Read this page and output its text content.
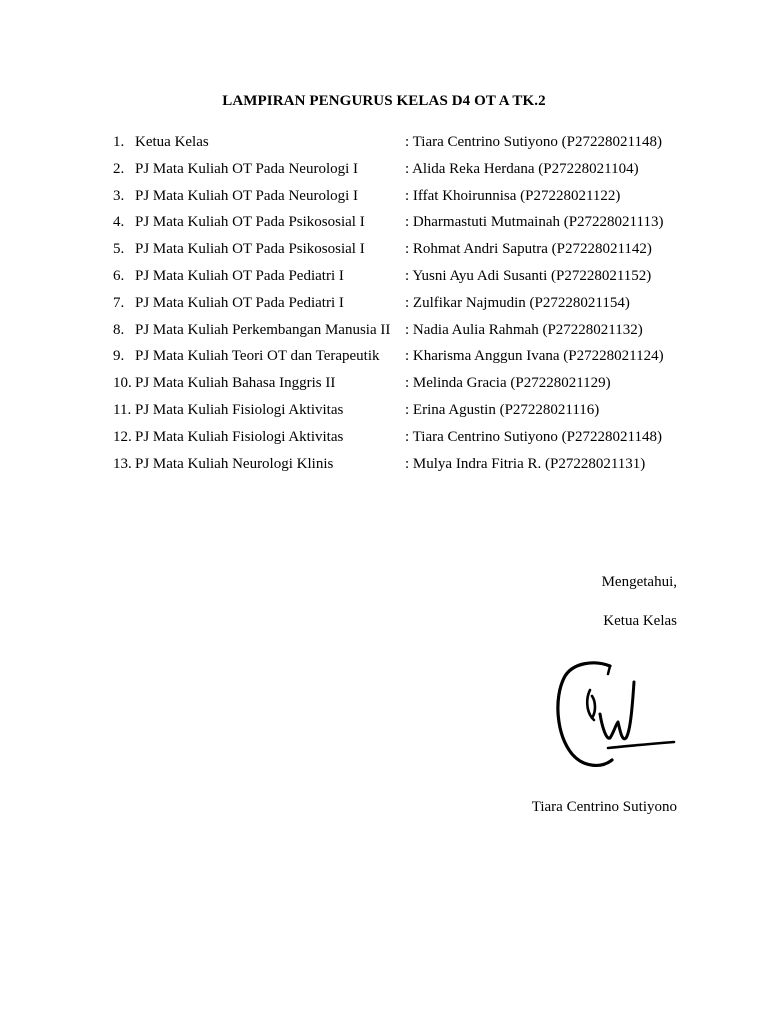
LAMPIRAN PENGURUS KELAS D4 OT A TK.2
1. Ketua Kelas	: Tiara Centrino Sutiyono (P27228021148)
2. PJ Mata Kuliah OT Pada Neurologi I	: Alida Reka Herdana (P27228021104)
3. PJ Mata Kuliah OT Pada Neurologi I	: Iffat Khoirunnisa (P27228021122)
4. PJ Mata Kuliah OT Pada Psikososial I	: Dharmastuti Mutmainah (P27228021113)
5. PJ Mata Kuliah OT Pada Psikososial I	: Rohmat Andri Saputra (P27228021142)
6. PJ Mata Kuliah OT Pada Pediatri I	: Yusni Ayu Adi Susanti (P27228021152)
7. PJ Mata Kuliah OT Pada Pediatri I	: Zulfikar Najmudin (P27228021154)
8. PJ Mata Kuliah Perkembangan Manusia II : Nadia Aulia Rahmah (P27228021132)
9. PJ Mata Kuliah Teori OT dan Terapeutik : Kharisma Anggun Ivana (P27228021124)
10. PJ Mata Kuliah Bahasa Inggris II	: Melinda Gracia (P27228021129)
11. PJ Mata Kuliah Fisiologi Aktivitas	: Erina Agustin (P27228021116)
12. PJ Mata Kuliah Fisiologi Aktivitas	: Tiara Centrino Sutiyono (P27228021148)
13. PJ Mata Kuliah Neurologi Klinis	: Mulya Indra Fitria R. (P27228021131)
Mengetahui,
Ketua Kelas
Tiara Centrino Sutiyono
